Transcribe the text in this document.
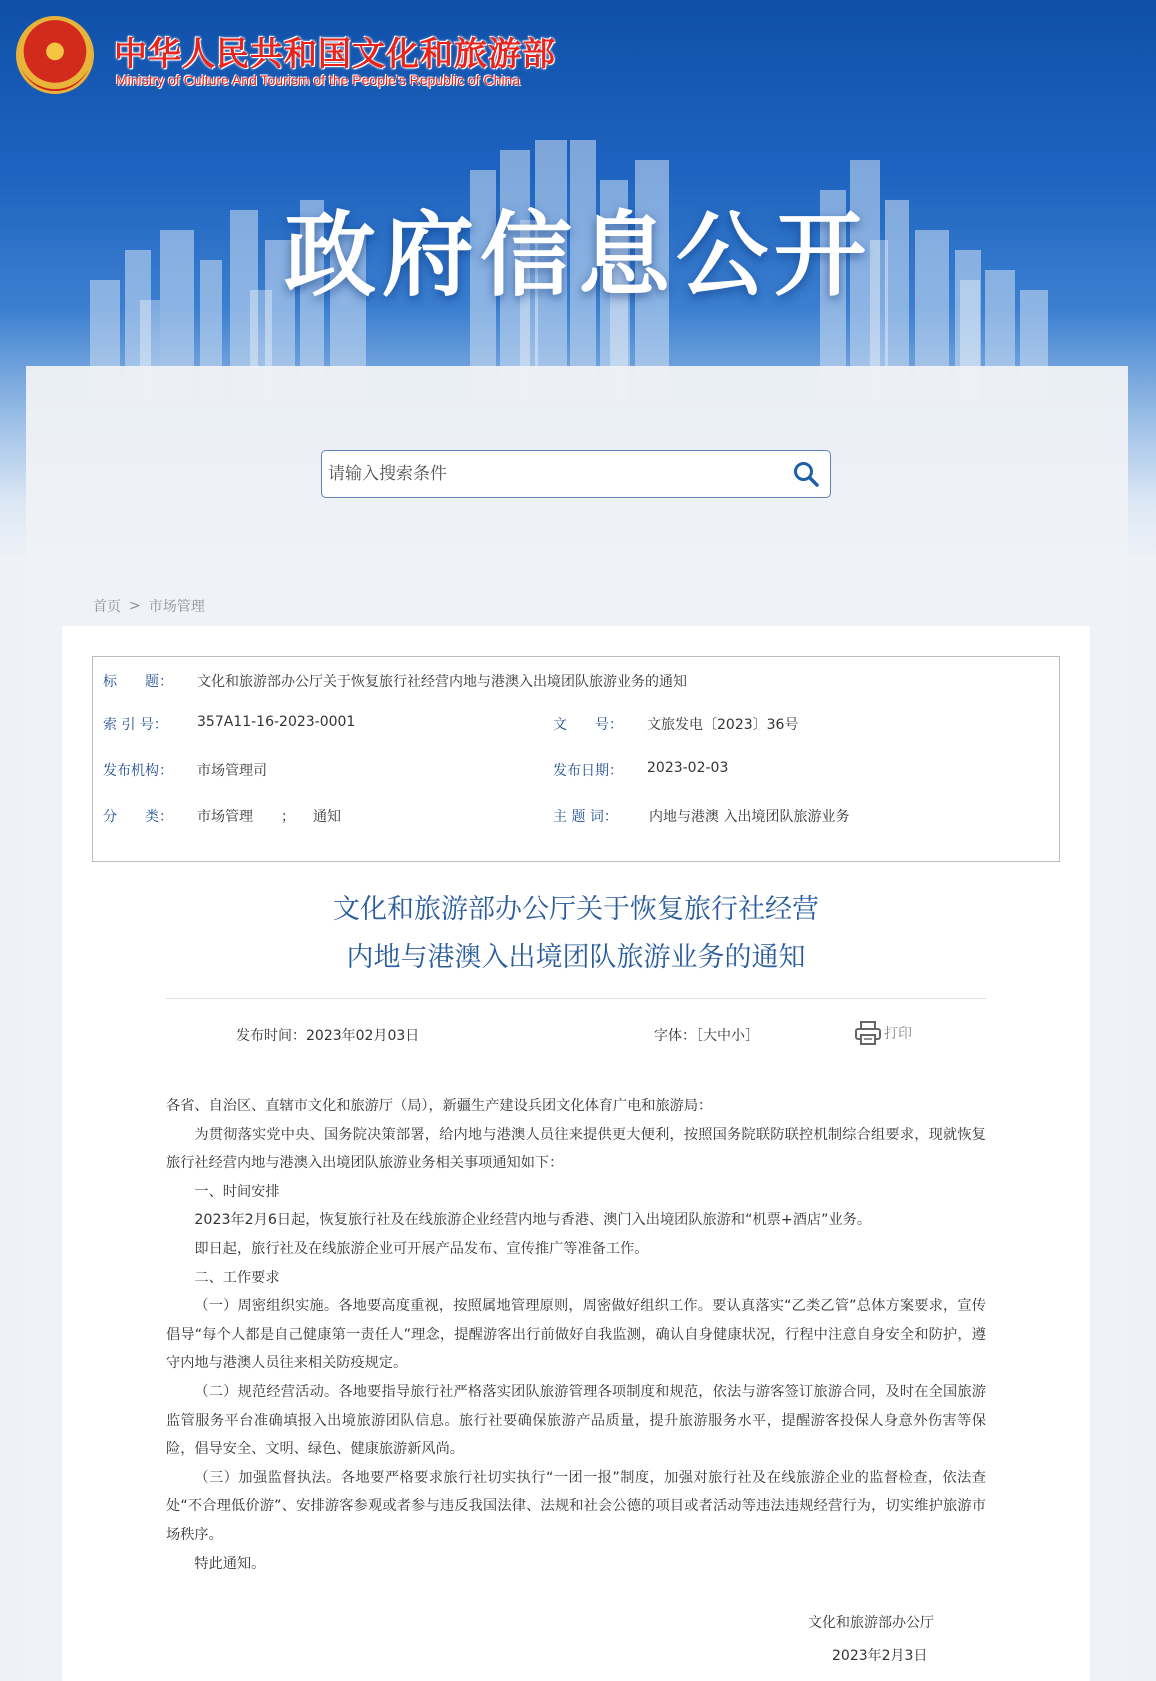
中华人民共和国文化和旅游部
Ministry of Culture And Tourism of the People’s Republic of China
政府信息公开
请输入搜索条件
首页 > 市场管理
标　　题： 文化和旅游部办公厅关于恢复旅行社经营内地与港澳入出境团队旅游业务的通知
索 引 号： 357A11-16-2023-0001	文　　号： 文旅发电〔2023〕36号
发布机构： 市场管理司	发布日期： 2023-02-03
分　　类： 市场管理 ； 通知	主 题 词： 内地与港澳 入出境团队旅游业务
文化和旅游部办公厅关于恢复旅行社经营
内地与港澳入出境团队旅游业务的通知
发布时间：2023年02月03日	字体：［大中小］	打印

各省、自治区、直辖市文化和旅游厅（局），新疆生产建设兵团文化体育广电和旅游局：

为贯彻落实党中央、国务院决策部署，给内地与港澳人员往来提供更大便利，按照国务院联防联控机制综合组要求，现就恢复旅行社经营内地与港澳入出境团队旅游业务相关事项通知如下：

一、时间安排

2023年2月6日起，恢复旅行社及在线旅游企业经营内地与香港、澳门入出境团队旅游和“机票+酒店”业务。

即日起，旅行社及在线旅游企业可开展产品发布、宣传推广等准备工作。

二、工作要求

（一）周密组织实施。各地要高度重视，按照属地管理原则，周密做好组织工作。要认真落实“乙类乙管”总体方案要求，宣传倡导“每个人都是自己健康第一责任人”理念，提醒游客出行前做好自我监测，确认自身健康状况，行程中注意自身安全和防护，遵守内地与港澳人员往来相关防疫规定。

（二）规范经营活动。各地要指导旅行社严格落实团队旅游管理各项制度和规范，依法与游客签订旅游合同，及时在全国旅游监管服务平台准确填报入出境旅游团队信息。旅行社要确保旅游产品质量，提升旅游服务水平，提醒游客投保人身意外伤害等保险，倡导安全、文明、绿色、健康旅游新风尚。

（三）加强监督执法。各地要严格要求旅行社切实执行“一团一报”制度，加强对旅行社及在线旅游企业的监督检查，依法查处“不合理低价游”、安排游客参观或者参与违反我国法律、法规和社会公德的项目或者活动等违法违规经营行为，切实维护旅游市场秩序。

特此通知。

文化和旅游部办公厅
2023年2月3日
